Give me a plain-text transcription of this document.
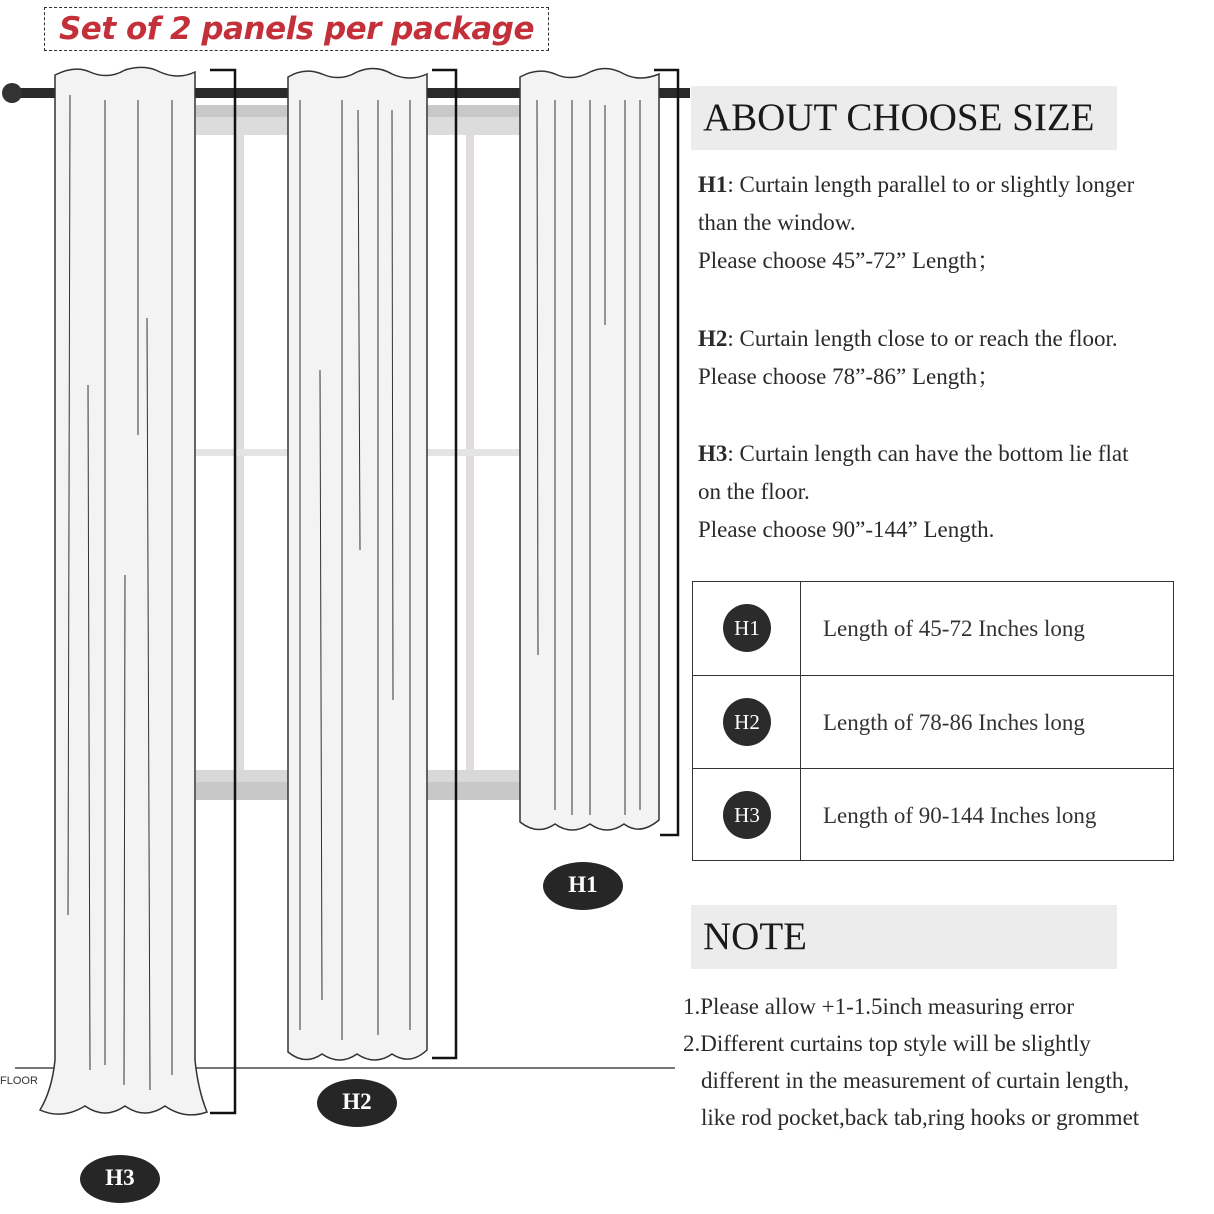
Set of 2 panels per package
H1
H2
H3
FLOOR
ABOUT CHOOSE SIZE
H1: Curtain length parallel to or slightly longer
than the window.
Please choose 45”-72” Length；
H2: Curtain length close to or reach the floor.
Please choose 78”-86” Length；
H3: Curtain length can have the bottom lie flat
on the floor.
Please choose 90”-144” Length.
H1	Length of 45-72 Inches long
H2	Length of 78-86 Inches long
H3	Length of 90-144 Inches long
NOTE
1.Please allow +1-1.5inch measuring error
2.Different curtains top style will be slightly
different in the measurement of curtain length,
like rod pocket,back tab,ring hooks or grommet
